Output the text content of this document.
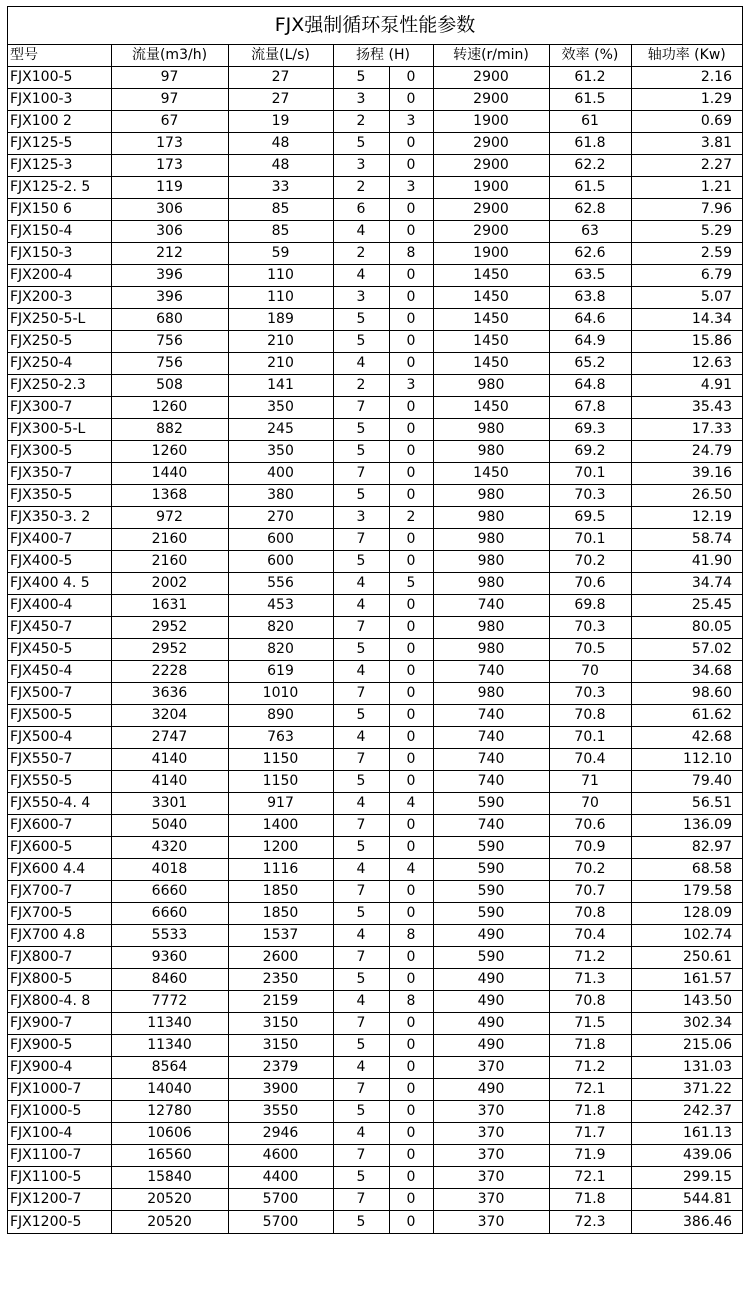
FJX强制循环泵性能参数
型号	流量(m3/h)	流量(L/s)	扬程 (H)		转速(r/min)	效率 (%)	轴功率 (Kw)
FJX100-5	97	27	5	0	2900	61.2	2.16
FJX100-3	97	27	3	0	2900	61.5	1.29
FJX100 2	67	19	2	3	1900	61	0.69
FJX125-5	173	48	5	0	2900	61.8	3.81
FJX125-3	173	48	3	0	2900	62.2	2.27
FJX125-2. 5	119	33	2	3	1900	61.5	1.21
FJX150 6	306	85	6	0	2900	62.8	7.96
FJX150-4	306	85	4	0	2900	63	5.29
FJX150-3	212	59	2	8	1900	62.6	2.59
FJX200-4	396	110	4	0	1450	63.5	6.79
FJX200-3	396	110	3	0	1450	63.8	5.07
FJX250-5-L	680	189	5	0	1450	64.6	14.34
FJX250-5	756	210	5	0	1450	64.9	15.86
FJX250-4	756	210	4	0	1450	65.2	12.63
FJX250-2.3	508	141	2	3	980	64.8	4.91
FJX300-7	1260	350	7	0	1450	67.8	35.43
FJX300-5-L	882	245	5	0	980	69.3	17.33
FJX300-5	1260	350	5	0	980	69.2	24.79
FJX350-7	1440	400	7	0	1450	70.1	39.16
FJX350-5	1368	380	5	0	980	70.3	26.50
FJX350-3. 2	972	270	3	2	980	69.5	12.19
FJX400-7	2160	600	7	0	980	70.1	58.74
FJX400-5	2160	600	5	0	980	70.2	41.90
FJX400 4. 5	2002	556	4	5	980	70.6	34.74
FJX400-4	1631	453	4	0	740	69.8	25.45
FJX450-7	2952	820	7	0	980	70.3	80.05
FJX450-5	2952	820	5	0	980	70.5	57.02
FJX450-4	2228	619	4	0	740	70	34.68
FJX500-7	3636	1010	7	0	980	70.3	98.60
FJX500-5	3204	890	5	0	740	70.8	61.62
FJX500-4	2747	763	4	0	740	70.1	42.68
FJX550-7	4140	1150	7	0	740	70.4	112.10
FJX550-5	4140	1150	5	0	740	71	79.40
FJX550-4. 4	3301	917	4	4	590	70	56.51
FJX600-7	5040	1400	7	0	740	70.6	136.09
FJX600-5	4320	1200	5	0	590	70.9	82.97
FJX600 4.4	4018	1116	4	4	590	70.2	68.58
FJX700-7	6660	1850	7	0	590	70.7	179.58
FJX700-5	6660	1850	5	0	590	70.8	128.09
FJX700 4.8	5533	1537	4	8	490	70.4	102.74
FJX800-7	9360	2600	7	0	590	71.2	250.61
FJX800-5	8460	2350	5	0	490	71.3	161.57
FJX800-4. 8	7772	2159	4	8	490	70.8	143.50
FJX900-7	11340	3150	7	0	490	71.5	302.34
FJX900-5	11340	3150	5	0	490	71.8	215.06
FJX900-4	8564	2379	4	0	370	71.2	131.03
FJX1000-7	14040	3900	7	0	490	72.1	371.22
FJX1000-5	12780	3550	5	0	370	71.8	242.37
FJX100-4	10606	2946	4	0	370	71.7	161.13
FJX1100-7	16560	4600	7	0	370	71.9	439.06
FJX1100-5	15840	4400	5	0	370	72.1	299.15
FJX1200-7	20520	5700	7	0	370	71.8	544.81
FJX1200-5	20520	5700	5	0	370	72.3	386.46
